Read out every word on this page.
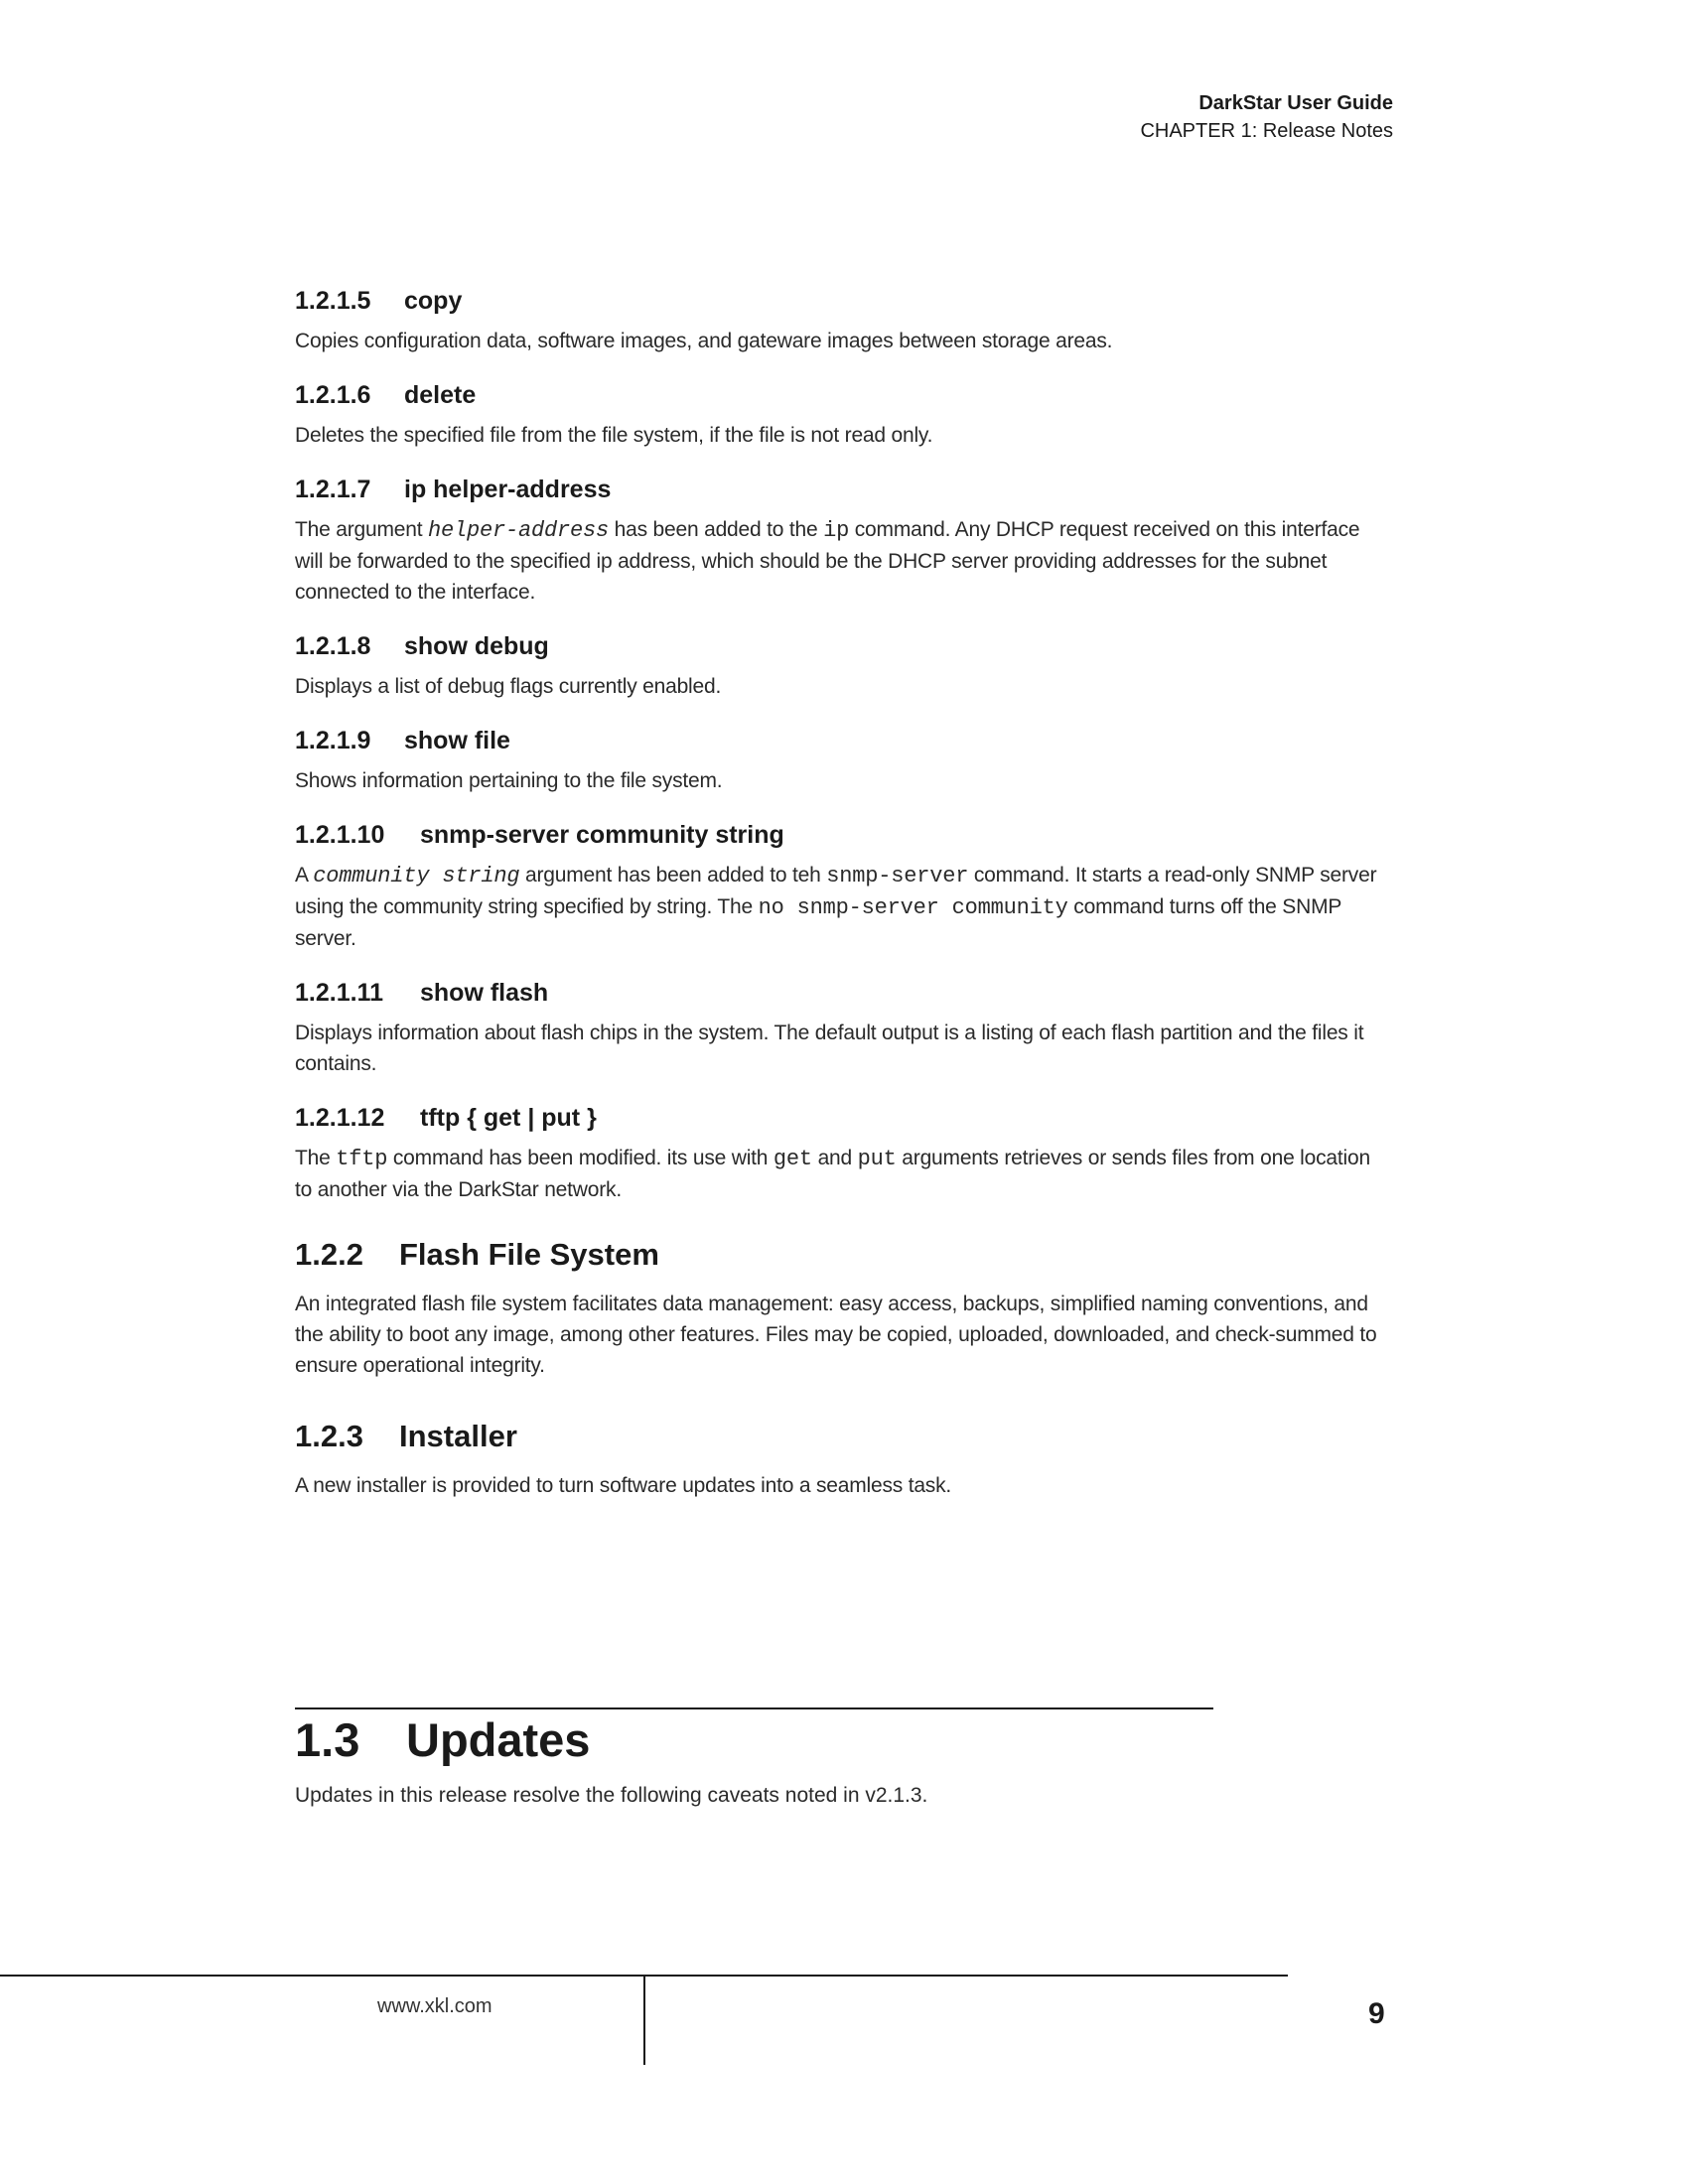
DarkStar User Guide
CHAPTER 1: Release Notes
1.2.1.5 copy
Copies configuration data, software images, and gateware images between storage areas.
1.2.1.6 delete
Deletes the specified file from the file system, if the file is not read only.
1.2.1.7 ip helper-address
The argument helper-address has been added to the ip command. Any DHCP request received on this interface will be forwarded to the specified ip address, which should be the DHCP server providing addresses for the subnet connected to the interface.
1.2.1.8 show debug
Displays a list of debug flags currently enabled.
1.2.1.9 show file
Shows information pertaining to the file system.
1.2.1.10 snmp-server community string
A community string argument has been added to teh snmp-server command. It starts a read-only SNMP server using the community string specified by string. The no snmp-server community command turns off the SNMP server.
1.2.1.11 show flash
Displays information about flash chips in the system. The default output is a listing of each flash partition and the files it contains.
1.2.1.12 tftp { get | put }
The tftp command has been modified. its use with get and put arguments retrieves or sends files from one location to another via the DarkStar network.
1.2.2 Flash File System
An integrated flash file system facilitates data management: easy access, backups, simplified naming conventions, and the ability to boot any image, among other features. Files may be copied, uploaded, downloaded, and check-summed to ensure operational integrity.
1.2.3 Installer
A new installer is provided to turn software updates into a seamless task.
1.3 Updates
Updates in this release resolve the following caveats noted in v2.1.3.
www.xkl.com	9
